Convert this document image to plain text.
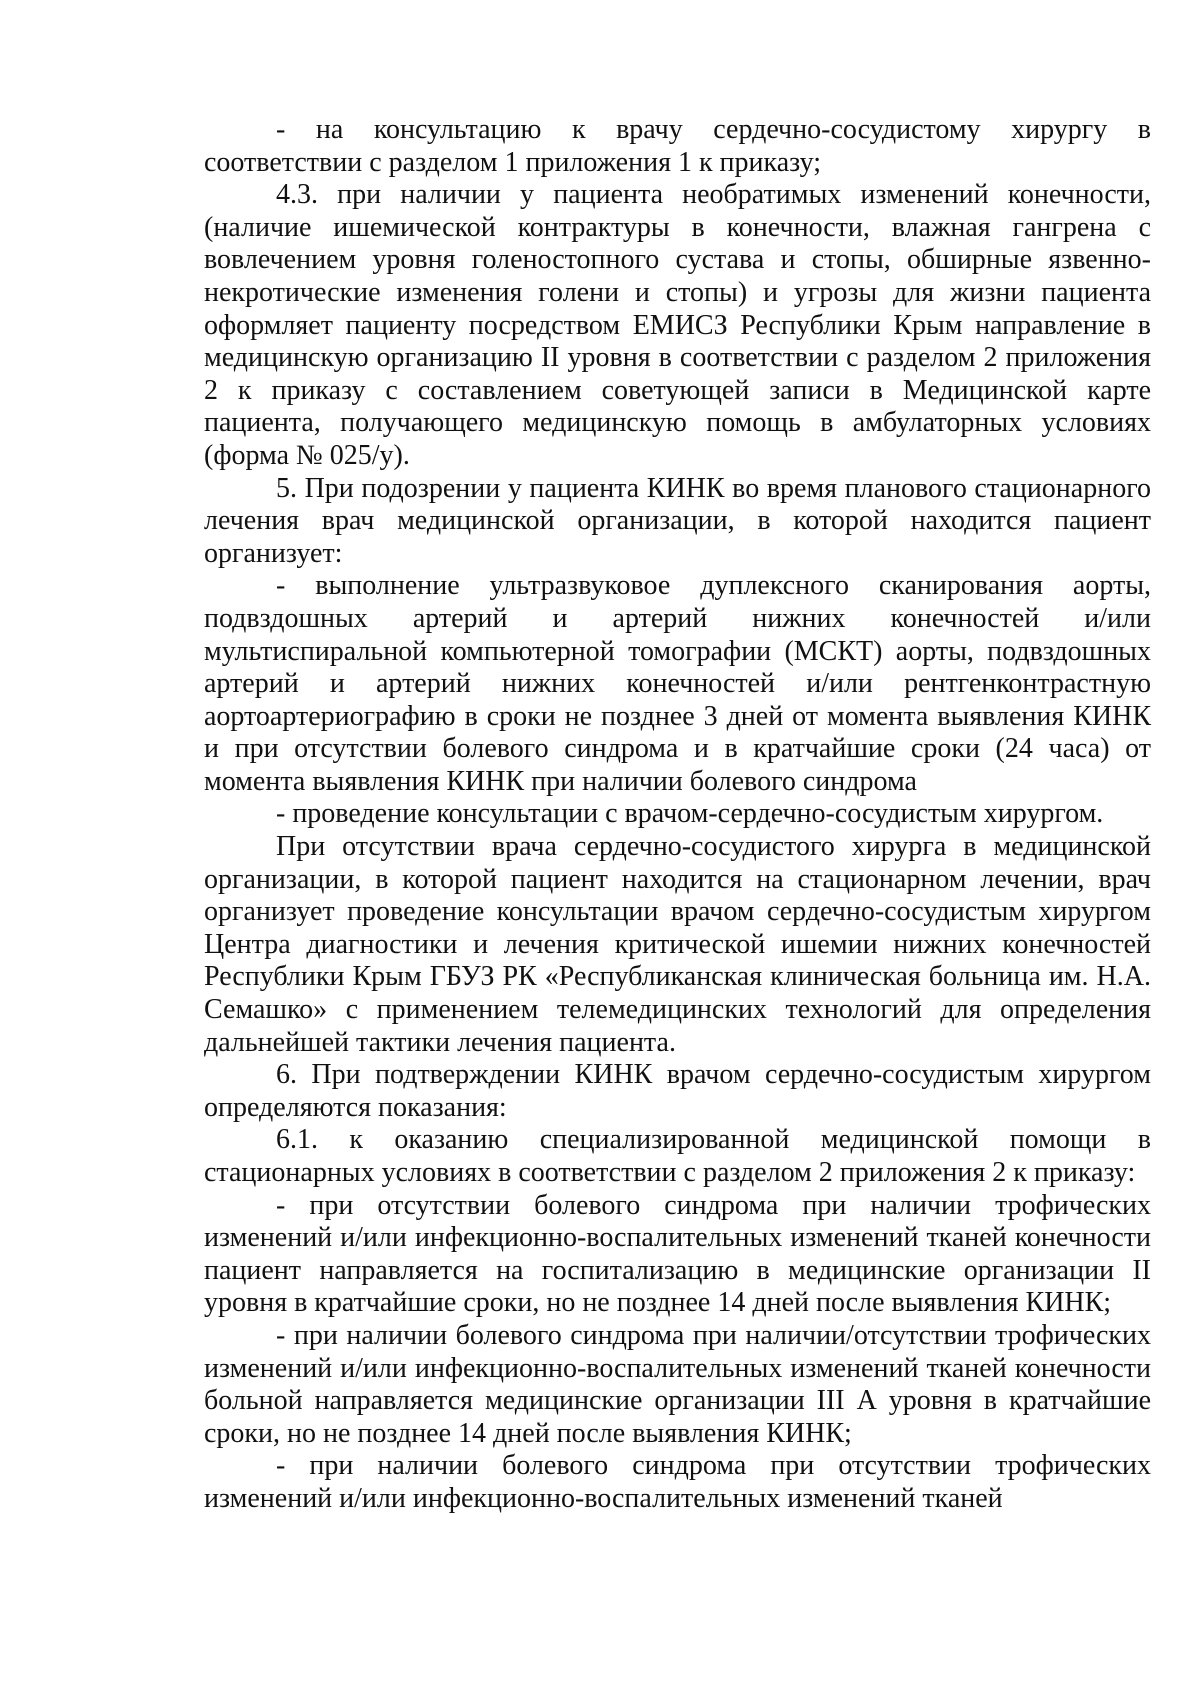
- на консультацию к врачу сердечно-сосудистому хирургу в соответствии с разделом 1 приложения 1 к приказу;

4.3. при наличии у пациента необратимых изменений конечности, (наличие ишемической контрактуры в конечности, влажная гангрена с вовлечением уровня голеностопного сустава и стопы, обширные язвенно-некротические изменения голени и стопы) и угрозы для жизни пациента оформляет пациенту посредством ЕМИСЗ Республики Крым направление в медицинскую организацию II уровня в соответствии с разделом 2 приложения 2 к приказу с составлением советующей записи в Медицинской карте пациента, получающего медицинскую помощь в амбулаторных условиях (форма № 025/у).

5. При подозрении у пациента КИНК во время планового стационарного лечения врач медицинской организации, в которой находится пациент организует:

- выполнение ультразвуковое дуплексного сканирования аорты, подвздошных артерий и артерий нижних конечностей и/или мультиспиральной компьютерной томографии (МСКТ) аорты, подвздошных артерий и артерий нижних конечностей и/или рентгенконтрастную аортоартериографию в сроки не позднее 3 дней от момента выявления КИНК и при отсутствии болевого синдрома и в кратчайшие сроки (24 часа) от момента выявления КИНК при наличии болевого синдрома

- проведение консультации с врачом-сердечно-сосудистым хирургом.

При отсутствии врача сердечно-сосудистого хирурга в медицинской организации, в которой пациент находится на стационарном лечении, врач организует проведение консультации врачом сердечно-сосудистым хирургом Центра диагностики и лечения критической ишемии нижних конечностей Республики Крым ГБУЗ РК «Республиканская клиническая больница им. Н.А. Семашко» с применением телемедицинских технологий для определения дальнейшей тактики лечения пациента.

6. При подтверждении КИНК врачом сердечно-сосудистым хирургом определяются показания:

6.1. к оказанию специализированной медицинской помощи в стационарных условиях в соответствии с разделом 2 приложения 2 к приказу:

- при отсутствии болевого синдрома при наличии трофических изменений и/или инфекционно-воспалительных изменений тканей конечности пациент направляется на госпитализацию в медицинские организации II уровня в кратчайшие сроки, но не позднее 14 дней после выявления КИНК;

- при наличии болевого синдрома при наличии/отсутствии трофических изменений и/или инфекционно-воспалительных изменений тканей конечности больной направляется медицинские организации III А уровня в кратчайшие сроки, но не позднее 14 дней после выявления КИНК;

- при наличии болевого синдрома при отсутствии трофических изменений и/или инфекционно-воспалительных изменений тканей
